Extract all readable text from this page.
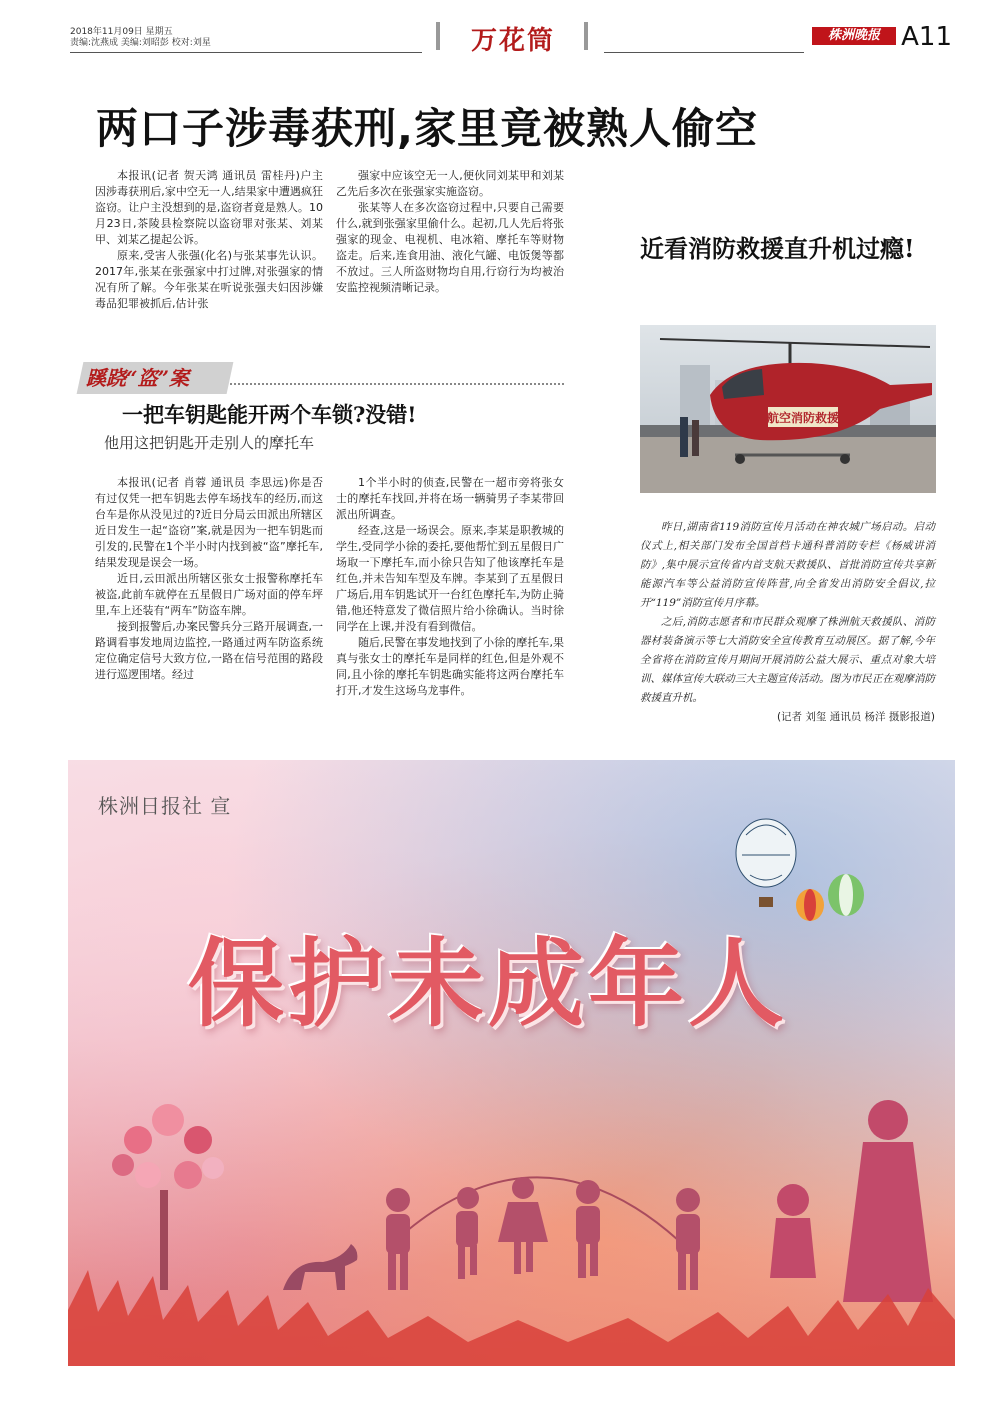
2018年11月09日 星期五
责编:沈燕成 美编:刘昭彭 校对:刘星	万花筒	株洲晚报 A11
两口子涉毒获刑,家里竟被熟人偷空

本报讯(记者 贺天鸿 通讯员 雷桂丹)户主因涉毒获刑后,家中空无一人,结果家中遭遇疯狂盗窃。让户主没想到的是,盗窃者竟是熟人。10月23日,茶陵县检察院以盗窃罪对张某、刘某甲、刘某乙提起公诉。

原来,受害人张强(化名)与张某事先认识。2017年,张某在张强家中打过牌,对张强家的情况有所了解。今年张某在听说张强夫妇因涉嫌毒品犯罪被抓后,估计张

强家中应该空无一人,便伙同刘某甲和刘某乙先后多次在张强家实施盗窃。

张某等人在多次盗窃过程中,只要自己需要什么,就到张强家里偷什么。起初,几人先后将张强家的现金、电视机、电冰箱、摩托车等财物盗走。后来,连食用油、液化气罐、电饭煲等都不放过。三人所盗财物均自用,行窃行为均被治安监控视频清晰记录。

蹊跷“盗”案
一把车钥匙能开两个车锁?没错!
他用这把钥匙开走别人的摩托车

本报讯(记者 肖蓉 通讯员 李思远)你是否有过仅凭一把车钥匙去停车场找车的经历,而这台车是你从没见过的?近日分局云田派出所辖区近日发生一起“盗窃”案,就是因为一把车钥匙而引发的,民警在1个半小时内找到被“盗”摩托车,结果发现是误会一场。

近日,云田派出所辖区张女士报警称摩托车被盗,此前车就停在五星假日广场对面的停车坪里,车上还装有“两车”防盗车牌。

接到报警后,办案民警兵分三路开展调查,一路调看事发地周边监控,一路通过两车防盗系统定位确定信号大致方位,一路在信号范围的路段进行巡逻围堵。经过

1个半小时的侦查,民警在一超市旁将张女士的摩托车找回,并将在场一辆骑男子李某带回派出所调查。

经查,这是一场误会。原来,李某是职教城的学生,受同学小徐的委托,要他帮忙到五星假日广场取一下摩托车,而小徐只告知了他该摩托车是红色,并未告知车型及车牌。李某到了五星假日广场后,用车钥匙试开一台红色摩托车,为防止骑错,他还特意发了微信照片给小徐确认。当时徐同学在上课,并没有看到微信。

随后,民警在事发地找到了小徐的摩托车,果真与张女士的摩托车是同样的红色,但是外观不同,且小徐的摩托车钥匙确实能将这两台摩托车打开,才发生这场乌龙事件。

近看消防救援直升机过瘾!
航空消防救援

昨日,湖南省119消防宣传月活动在神农城广场启动。启动仪式上,相关部门发布全国首档卡通科普消防专栏《杨威讲消防》,集中展示宣传省内首支航天救援队、首批消防宣传共享新能源汽车等公益消防宣传阵营,向全省发出消防安全倡议,拉开“119”消防宣传月序幕。

之后,消防志愿者和市民群众观摩了株洲航天救援队、消防器材装备演示等七大消防安全宣传教育互动展区。据了解,今年全省将在消防宣传月期间开展消防公益大展示、重点对象大培训、媒体宣传大联动三大主题宣传活动。图为市民正在观摩消防救援直升机。

(记者 刘玺 通讯员 杨洋 摄影报道)
株洲日报社 宣
保护未成年人
